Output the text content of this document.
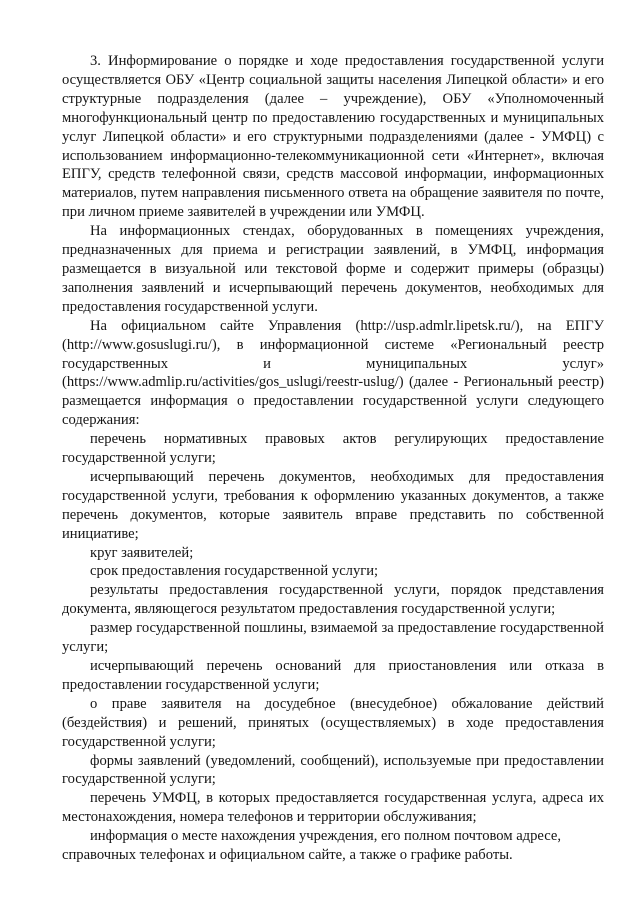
3. Информирование о порядке и ходе предоставления государственной услуги осуществляется ОБУ «Центр социальной защиты населения Липецкой области» и его структурные подразделения (далее – учреждение), ОБУ «Уполномоченный многофункциональный центр по предоставлению государственных и муниципальных услуг Липецкой области» и его структурными подразделениями (далее - УМФЦ) с использованием информационно-телекоммуникационной сети «Интернет», включая ЕПГУ, средств телефонной связи, средств массовой информации, информационных материалов, путем направления письменного ответа на обращение заявителя по почте, при личном приеме заявителей в учреждении или УМФЦ.

На информационных стендах, оборудованных в помещениях учреждения, предназначенных для приема и регистрации заявлений, в УМФЦ, информация размещается в визуальной или текстовой форме и содержит примеры (образцы) заполнения заявлений и исчерпывающий перечень документов, необходимых для предоставления государственной услуги.

На официальном сайте Управления (http://usp.admlr.lipetsk.ru/), на ЕПГУ (http://www.gosuslugi.ru/), в информационной системе «Региональный реестр государственных и муниципальных услуг» (https://www.admlip.ru/activities/gos_uslugi/reestr-uslug/) (далее - Региональный реестр) размещается информация о предоставлении государственной услуги следующего содержания:

перечень нормативных правовых актов регулирующих предоставление государственной услуги;

исчерпывающий перечень документов, необходимых для предоставления государственной услуги, требования к оформлению указанных документов, а также перечень документов, которые заявитель вправе представить по собственной инициативе;

круг заявителей;

срок предоставления государственной услуги;

результаты предоставления государственной услуги, порядок представления документа, являющегося результатом предоставления государственной услуги;

размер государственной пошлины, взимаемой за предоставление государственной услуги;

исчерпывающий перечень оснований для приостановления или отказа в предоставлении государственной услуги;

о праве заявителя на досудебное (внесудебное) обжалование действий (бездействия) и решений, принятых (осуществляемых) в ходе предоставления государственной услуги;

формы заявлений (уведомлений, сообщений), используемые при предоставлении государственной услуги;

перечень УМФЦ, в которых предоставляется государственная услуга, адреса их местонахождения, номера телефонов и территории обслуживания;

информация о месте нахождения учреждения, его полном почтовом адресе, справочных телефонах и официальном сайте, а также о графике работы.
